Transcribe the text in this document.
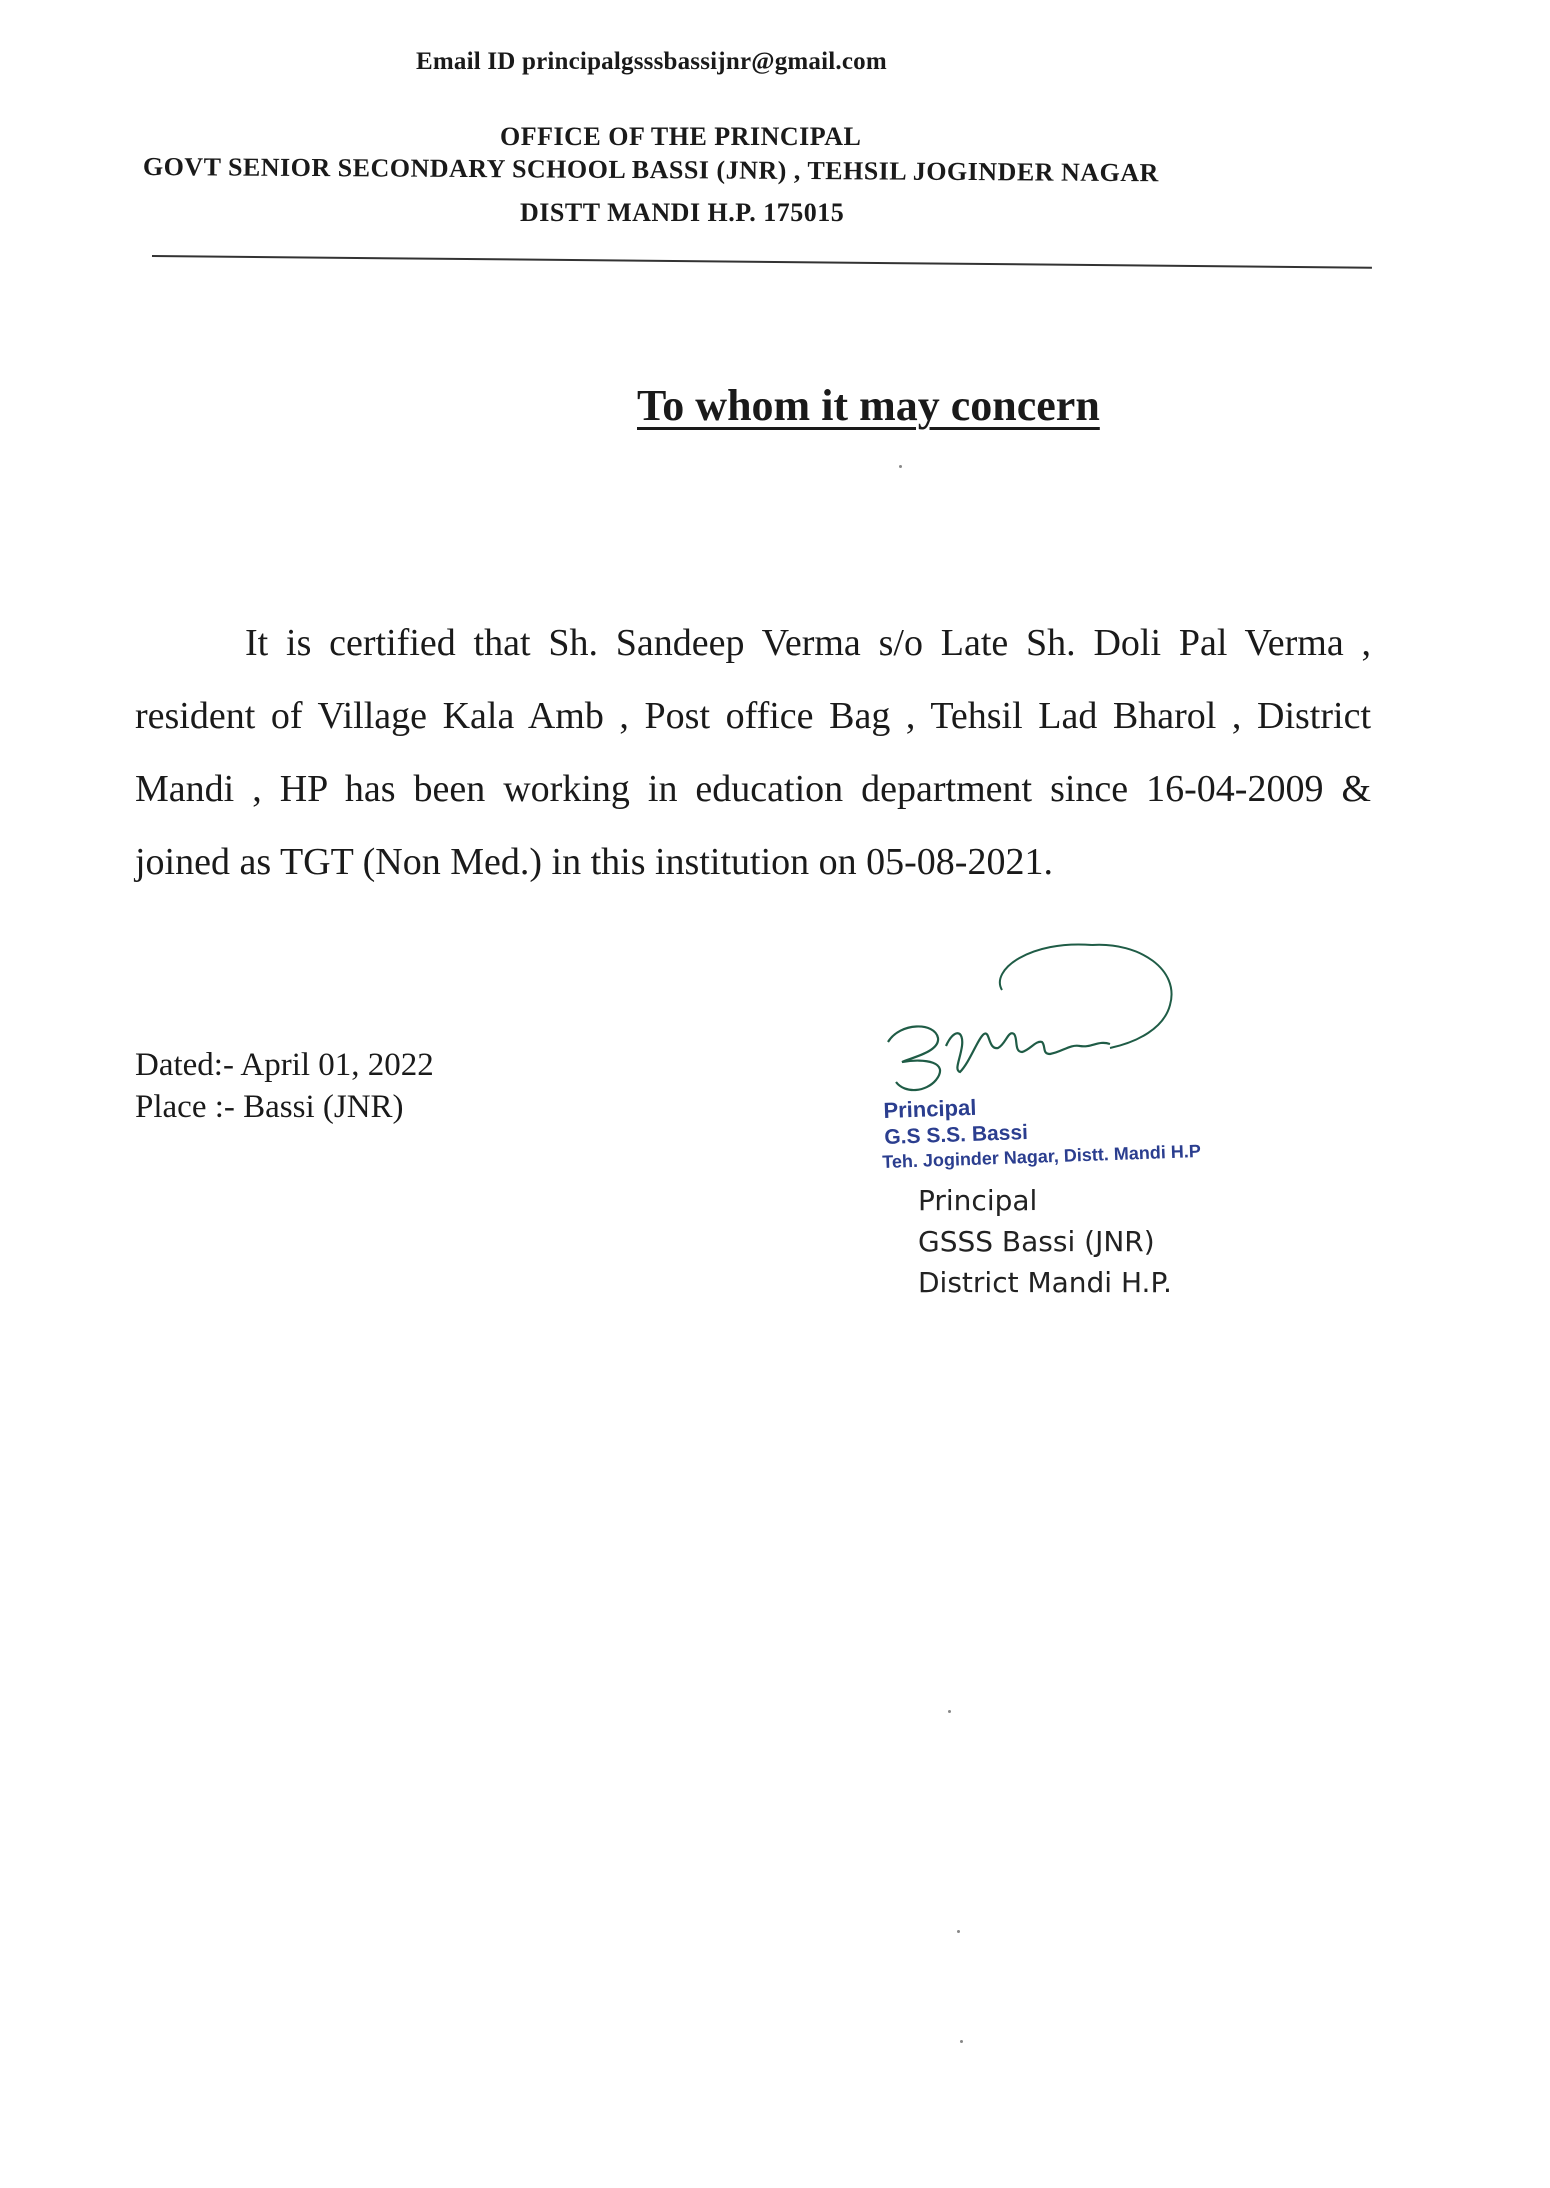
Email ID principalgsssbassijnr@gmail.com
OFFICE OF THE PRINCIPAL
GOVT SENIOR SECONDARY SCHOOL BASSI (JNR) , TEHSIL JOGINDER NAGAR
DISTT MANDI H.P. 175015
To whom it may concern

It is certified that Sh. Sandeep Verma s/o Late Sh. Doli Pal Verma , resident of Village Kala Amb , Post office Bag , Tehsil Lad Bharol , District Mandi , HP has been working in education department since 16-04-2009 & joined as TGT (Non Med.) in this institution on 05-08-2021.

Dated:- April 01, 2022
Place :- Bassi (JNR)	Principal
G.S S.S. Bassi
Teh. Joginder Nagar, Distt. Mandi H.P
Principal
GSSS Bassi (JNR)
District Mandi H.P.
